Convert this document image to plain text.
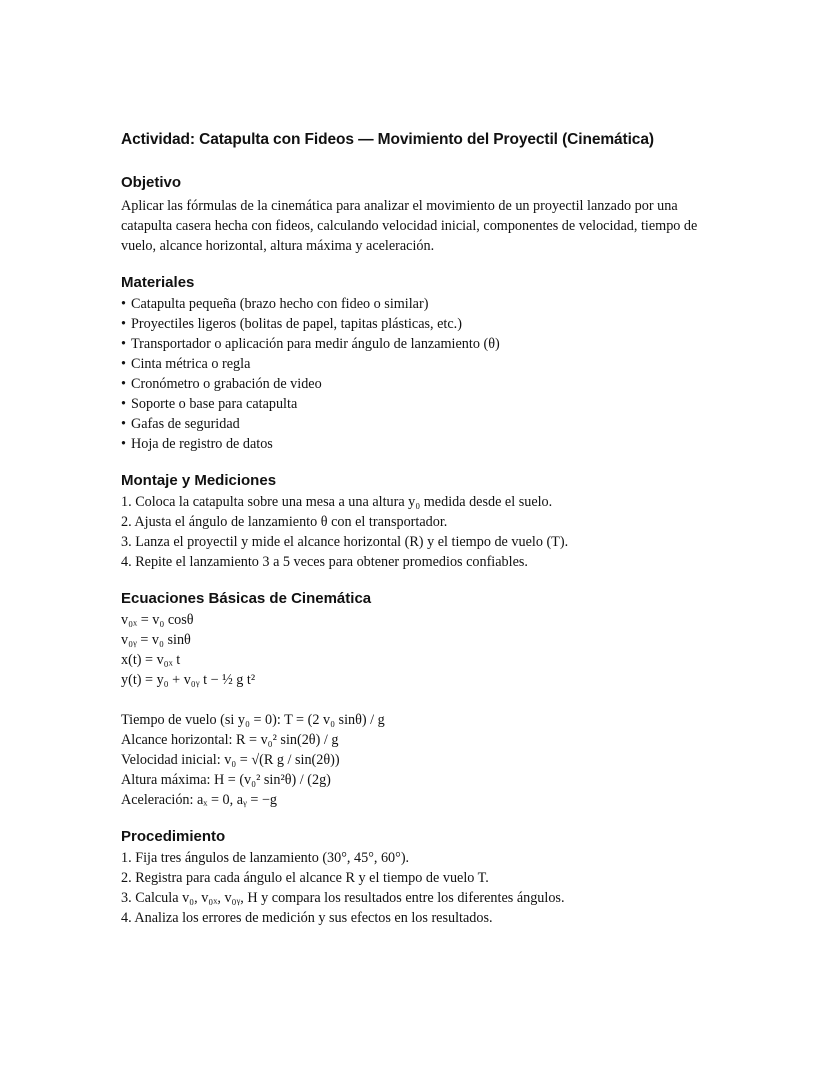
Actividad: Catapulta con Fideos — Movimiento del Proyectil (Cinemática)
Objetivo

Aplicar las fórmulas de la cinemática para analizar el movimiento de un proyectil lanzado por una catapulta casera hecha con fideos, calculando velocidad inicial, componentes de velocidad, tiempo de vuelo, alcance horizontal, altura máxima y aceleración.

Materiales
• Catapulta pequeña (brazo hecho con fideo o similar)
• Proyectiles ligeros (bolitas de papel, tapitas plásticas, etc.)
• Transportador o aplicación para medir ángulo de lanzamiento (θ)
• Cinta métrica o regla
• Cronómetro o grabación de video
• Soporte o base para catapulta
• Gafas de seguridad
• Hoja de registro de datos
Montaje y Mediciones
1. Coloca la catapulta sobre una mesa a una altura y₀ medida desde el suelo.
2. Ajusta el ángulo de lanzamiento θ con el transportador.
3. Lanza el proyectil y mide el alcance horizontal (R) y el tiempo de vuelo (T).
4. Repite el lanzamiento 3 a 5 veces para obtener promedios confiables.
Ecuaciones Básicas de Cinemática
v₀ₓ = v₀ cosθ
v₀ᵧ = v₀ sinθ
x(t) = v₀ₓ t
y(t) = y₀ + v₀ᵧ t − ½ g t²
Tiempo de vuelo (si y₀ = 0): T = (2 v₀ sinθ) / g
Alcance horizontal: R = v₀² sin(2θ) / g
Velocidad inicial: v₀ = √(R g / sin(2θ))
Altura máxima: H = (v₀² sin²θ) / (2g)
Aceleración: aₓ = 0, aᵧ = −g
Procedimiento
1. Fija tres ángulos de lanzamiento (30°, 45°, 60°).
2. Registra para cada ángulo el alcance R y el tiempo de vuelo T.
3. Calcula v₀, v₀ₓ, v₀ᵧ, H y compara los resultados entre los diferentes ángulos.
4. Analiza los errores de medición y sus efectos en los resultados.
